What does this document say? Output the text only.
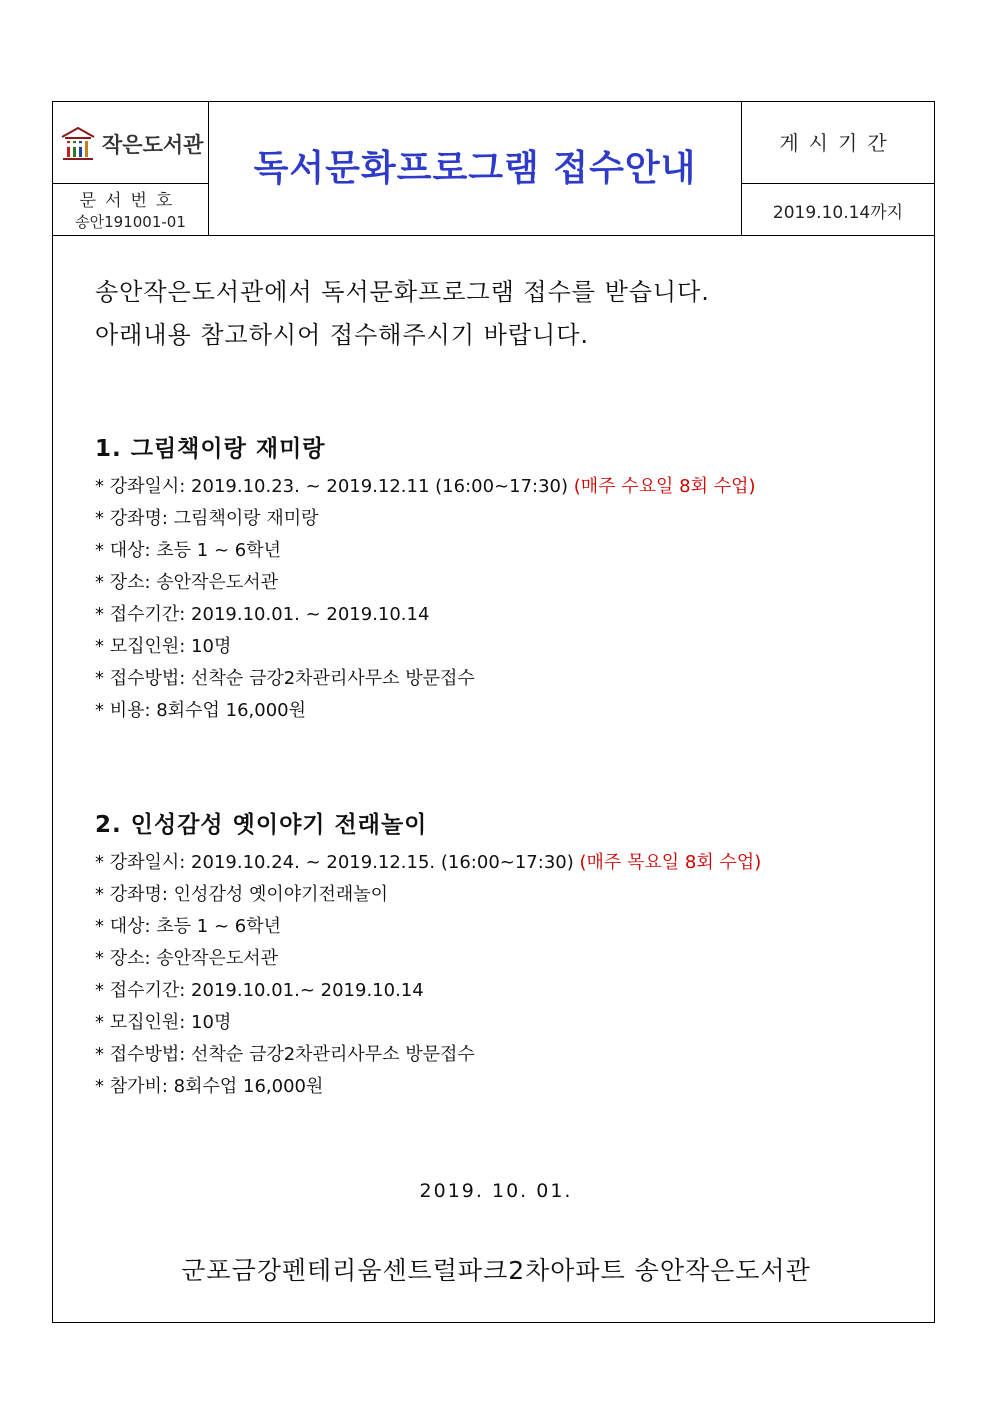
작은도서관
문서번호
송안191001-01
독서문화프로그램 접수안내
게시기간
2019.10.14까지
송안작은도서관에서 독서문화프로그램 접수를 받습니다.
아래내용 참고하시어 접수해주시기 바랍니다.
1. 그림책이랑 재미랑
* 강좌일시: 2019.10.23. ~ 2019.12.11 (16:00~17:30) (매주 수요일 8회 수업)
* 강좌명: 그림책이랑 재미랑
* 대상: 초등 1 ~ 6학년
* 장소: 송안작은도서관
* 접수기간: 2019.10.01. ~ 2019.10.14
* 모집인원: 10명
* 접수방법: 선착순 금강2차관리사무소 방문접수
* 비용: 8회수업 16,000원
2. 인성감성 옛이야기 전래놀이
* 강좌일시: 2019.10.24. ~ 2019.12.15. (16:00~17:30) (매주 목요일 8회 수업)
* 강좌명: 인성감성 옛이야기전래놀이
* 대상: 초등 1 ~ 6학년
* 장소: 송안작은도서관
* 접수기간: 2019.10.01.~ 2019.10.14
* 모집인원: 10명
* 접수방법: 선착순 금강2차관리사무소 방문접수
* 참가비: 8회수업 16,000원
2019. 10. 01.
군포금강펜테리움센트럴파크2차아파트 송안작은도서관
